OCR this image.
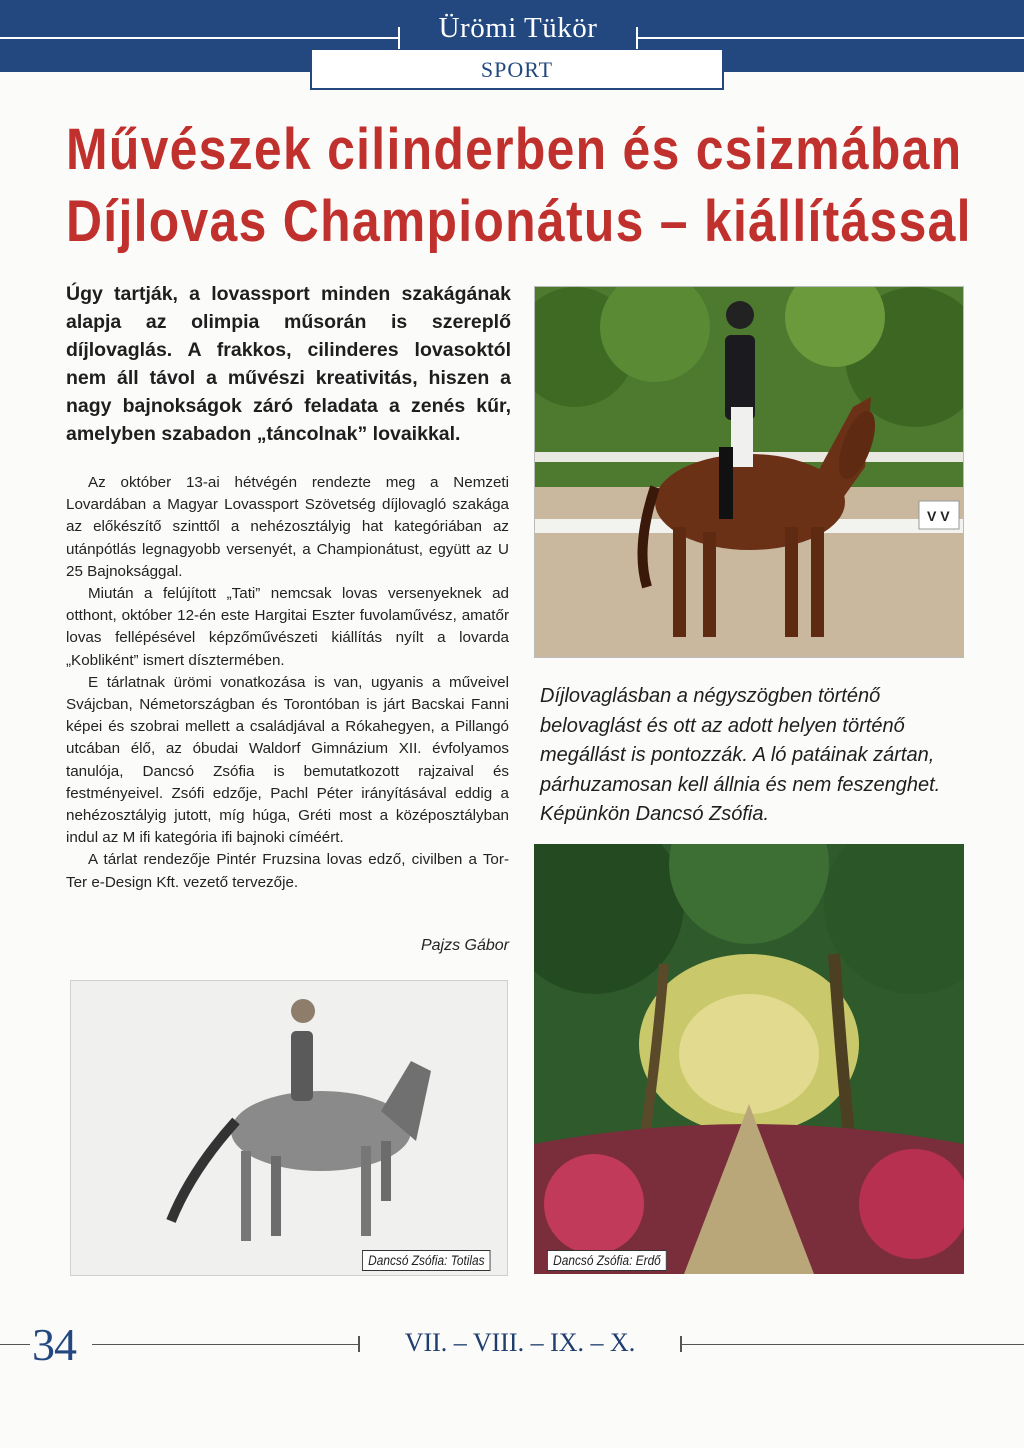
Ürömi Tükör
SPORT
Művészek cilinderben és csizmában
Díjlovas Championátus – kiállítással
Úgy tartják, a lovassport minden szakágának alapja az olimpia műsorán is szereplő díjlovaglás. A frakkos, cilinderes lovasoktól nem áll távol a művészi kreativitás, hiszen a nagy bajnokságok záró feladata a zenés kűr, amelyben szabadon „táncolnak” lovaikkal.

Az október 13-ai hétvégén rendezte meg a Nemzeti Lovardában a Magyar Lovassport Szövetség díjlovagló szakága az előkészítő szinttől a nehézosztályig hat kategóriában az utánpótlás legnagyobb versenyét, a Championátust, együtt az U 25 Bajnoksággal.

Miután a felújított „Tati” nemcsak lovas versenyeknek ad otthont, október 12-én este Hargitai Eszter fuvolaművész, amatőr lovas fellépésével képzőművészeti kiállítás nyílt a lovarda „Kobliként” ismert dísztermében.

E tárlatnak ürömi vonatkozása is van, ugyanis a műveivel Svájcban, Németországban és Torontóban is járt Bacskai Fanni képei és szobrai mellett a családjával a Rókahegyen, a Pillangó utcában élő, az óbudai Waldorf Gimnázium XII. évfolyamos tanulója, Dancsó Zsófia is bemutatkozott rajzaival és festményeivel. Zsófi edzője, Pachl Péter irányításával eddig a nehézosztályig jutott, míg húga, Gréti most a középosztályban indul az M ifi kategória ifi bajnoki címéért.

A tárlat rendezője Pintér Fruzsina lovas edző, civilben a Tor-Ter e-Design Kft. vezető tervezője.

Pajzs Gábor
V V
Díjlovaglásban a négyszögben történő belovaglást és ott az adott helyen történő megállást is pontozzák. A ló patáinak zártan, párhuzamosan kell állnia és nem feszenghet. Képünkön Dancsó Zsófia.
Dancsó Zsófia: Totilas	Dancsó Zsófia: Erdő
34	VII. – VIII. – IX. – X.
